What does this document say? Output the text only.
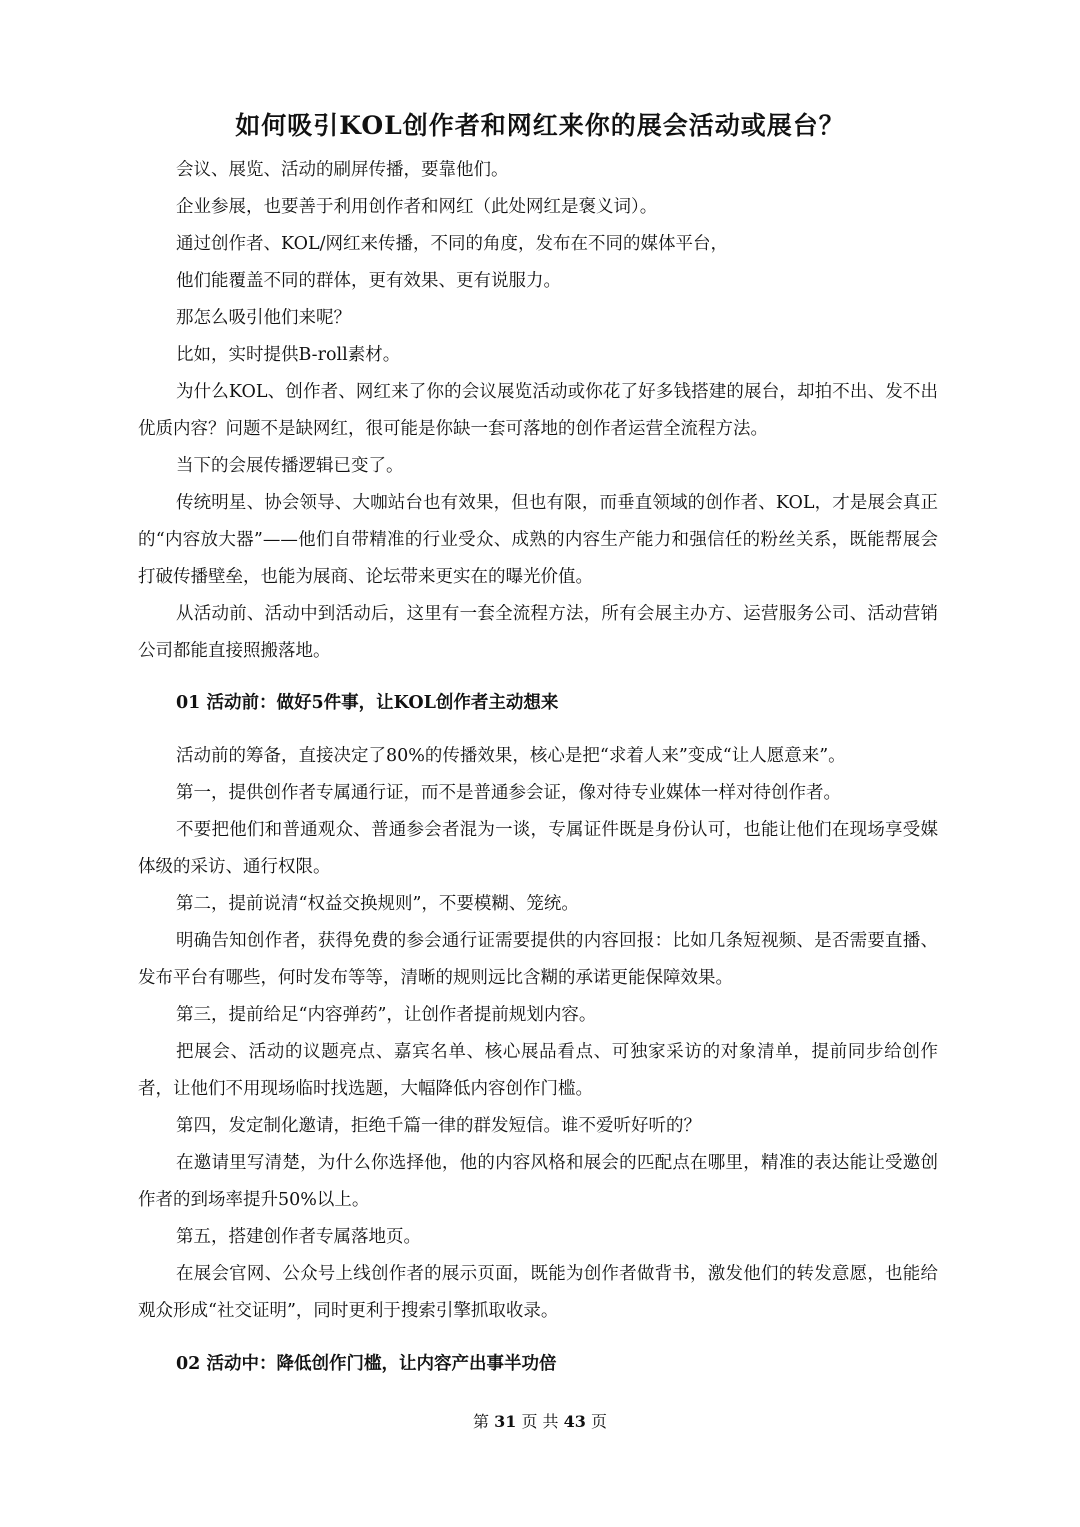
如何吸引KOL创作者和网红来你的展会活动或展台？

会议、展览、活动的刷屏传播，要靠他们。

企业参展，也要善于利用创作者和网红（此处网红是褒义词）。

通过创作者、KOL/网红来传播，不同的角度，发布在不同的媒体平台，

他们能覆盖不同的群体，更有效果、更有说服力。

那怎么吸引他们来呢？

比如，实时提供B-roll素材。

为什么KOL、创作者、网红来了你的会议展览活动或你花了好多钱搭建的展台，却拍不出、发不出优质内容？问题不是缺网红，很可能是你缺一套可落地的创作者运营全流程方法。

当下的会展传播逻辑已变了。

传统明星、协会领导、大咖站台也有效果，但也有限，而垂直领域的创作者、KOL，才是展会真正的“内容放大器”——他们自带精准的行业受众、成熟的内容生产能力和强信任的粉丝关系，既能帮展会打破传播壁垒，也能为展商、论坛带来更实在的曝光价值。

从活动前、活动中到活动后，这里有一套全流程方法，所有会展主办方、运营服务公司、活动营销公司都能直接照搬落地。

01 活动前：做好5件事，让KOL创作者主动想来

活动前的筹备，直接决定了80%的传播效果，核心是把“求着人来”变成“让人愿意来”。

第一，提供创作者专属通行证，而不是普通参会证，像对待专业媒体一样对待创作者。

不要把他们和普通观众、普通参会者混为一谈，专属证件既是身份认可，也能让他们在现场享受媒体级的采访、通行权限。

第二，提前说清“权益交换规则”，不要模糊、笼统。

明确告知创作者，获得免费的参会通行证需要提供的内容回报：比如几条短视频、是否需要直播、发布平台有哪些，何时发布等等，清晰的规则远比含糊的承诺更能保障效果。

第三，提前给足“内容弹药”，让创作者提前规划内容。

把展会、活动的议题亮点、嘉宾名单、核心展品看点、可独家采访的对象清单，提前同步给创作者，让他们不用现场临时找选题，大幅降低内容创作门槛。

第四，发定制化邀请，拒绝千篇一律的群发短信。谁不爱听好听的？

在邀请里写清楚，为什么你选择他，他的内容风格和展会的匹配点在哪里，精准的表达能让受邀创作者的到场率提升50%以上。

第五，搭建创作者专属落地页。

在展会官网、公众号上线创作者的展示页面，既能为创作者做背书，激发他们的转发意愿，也能给观众形成“社交证明”，同时更利于搜索引擎抓取收录。

02 活动中：降低创作门槛，让内容产出事半功倍

第 31 页 共 43 页
